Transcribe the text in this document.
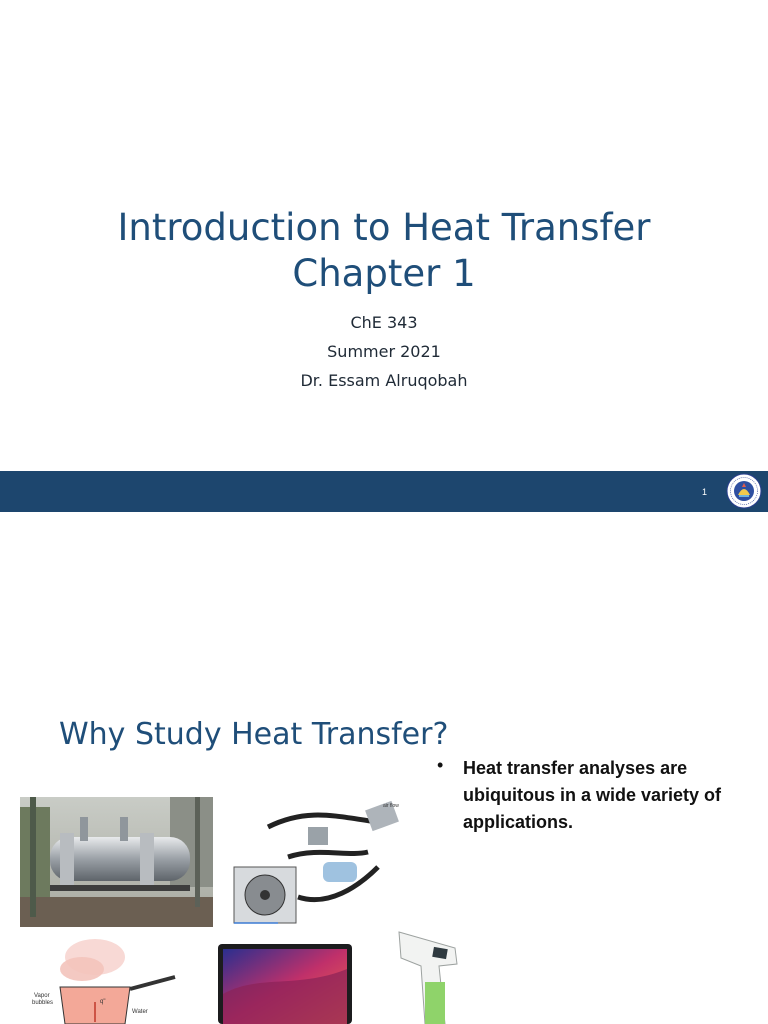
Introduction to Heat Transfer
Chapter 1
ChE 343
Summer 2021
Dr. Essam Alruqobah
1
Why Study Heat Transfer?
• Heat transfer analyses are ubiquitous in a wide variety of applications.
air flow
Vapor
bubbles	q"
Water
